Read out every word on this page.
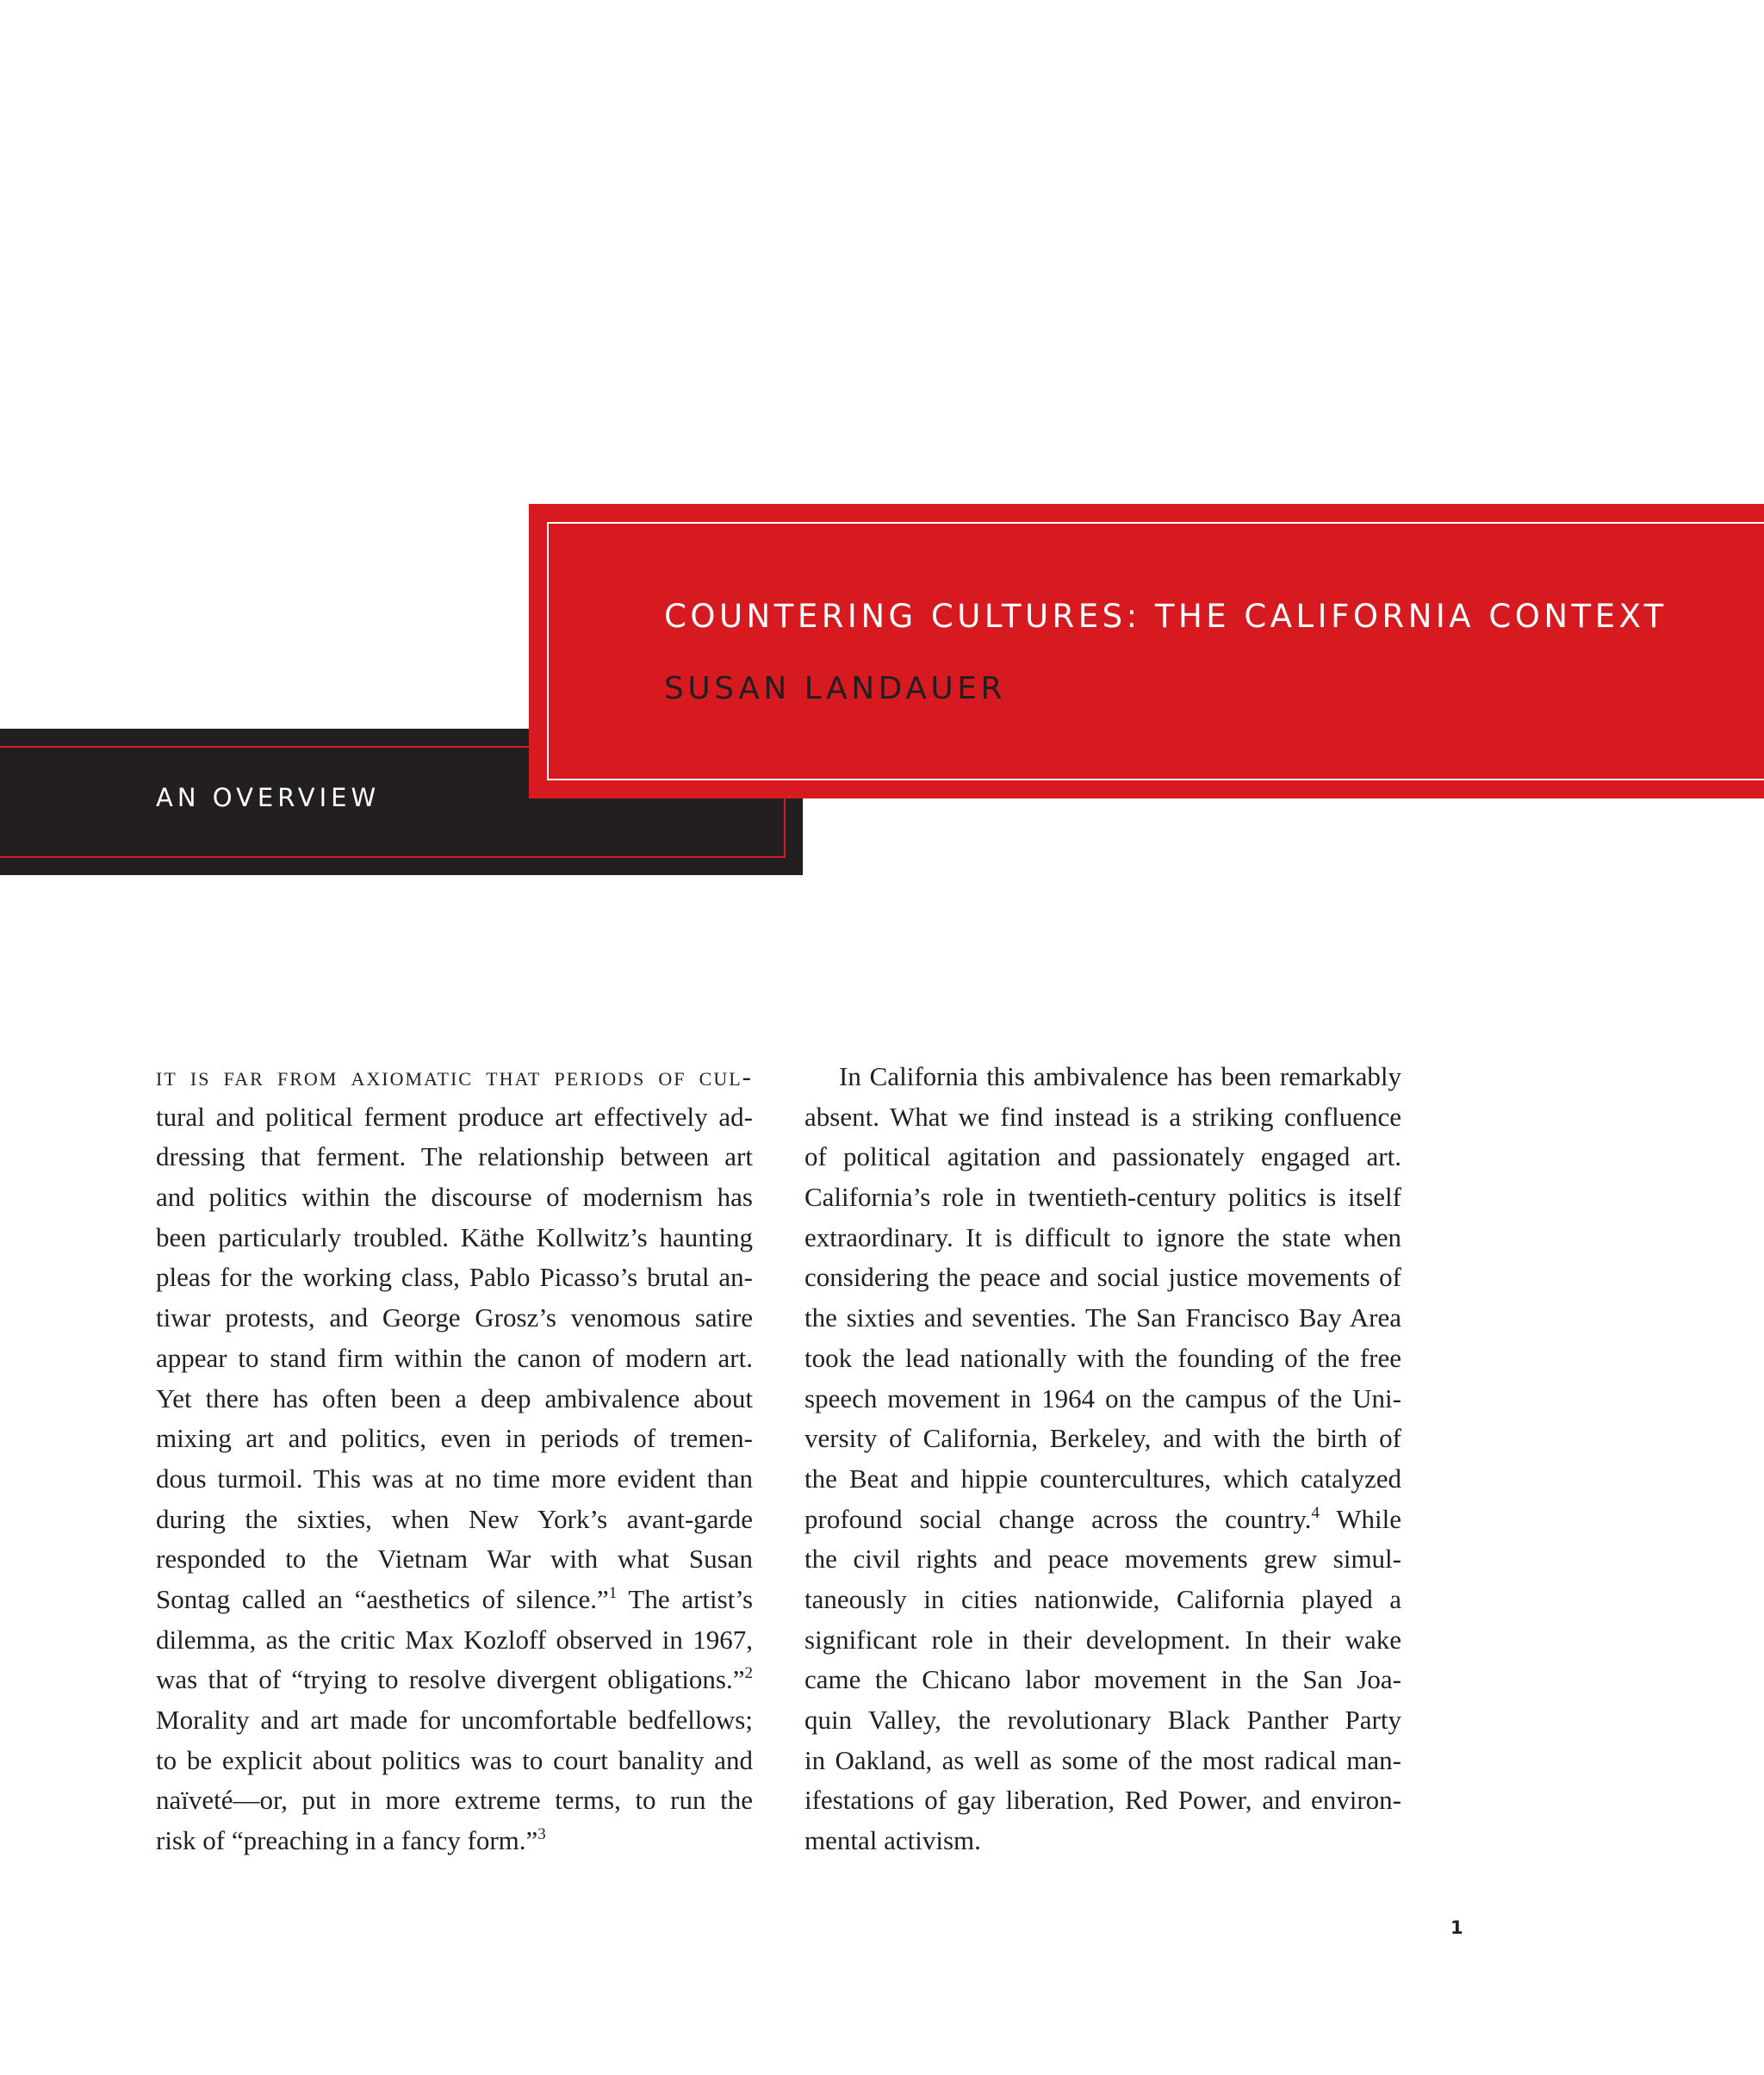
AN OVERVIEW
COUNTERING CULTURES: THE CALIFORNIA CONTEXT
SUSAN LANDAUER
it is far from axiomatic that periods of cul-
tural and political ferment produce art effectively ad-
dressing that ferment. The relationship between art
and politics within the discourse of modernism has
been particularly troubled. Käthe Kollwitz’s haunting
pleas for the working class, Pablo Picasso’s brutal an-
tiwar protests, and George Grosz’s venomous satire
appear to stand firm within the canon of modern art.
Yet there has often been a deep ambivalence about
mixing art and politics, even in periods of tremen-
dous turmoil. This was at no time more evident than
during the sixties, when New York’s avant-garde
responded to the Vietnam War with what Susan
Sontag called an “aesthetics of silence.”$^1$ The artist’s
dilemma, as the critic Max Kozloff observed in 1967,
was that of “trying to resolve divergent obligations.”$^2$
Morality and art made for uncomfortable bedfellows;
to be explicit about politics was to court banality and
naïveté—or, put in more extreme terms, to run the
risk of “preaching in a fancy form.”$^3$
In California this ambivalence has been remarkably
absent. What we find instead is a striking confluence
of political agitation and passionately engaged art.
California’s role in twentieth-century politics is itself
extraordinary. It is difficult to ignore the state when
considering the peace and social justice movements of
the sixties and seventies. The San Francisco Bay Area
took the lead nationally with the founding of the free
speech movement in 1964 on the campus of the Uni-
versity of California, Berkeley, and with the birth of
the Beat and hippie countercultures, which catalyzed
profound social change across the country.$^4$ While
the civil rights and peace movements grew simul-
taneously in cities nationwide, California played a
significant role in their development. In their wake
came the Chicano labor movement in the San Joa-
quin Valley, the revolutionary Black Panther Party
in Oakland, as well as some of the most radical man-
ifestations of gay liberation, Red Power, and environ-
mental activism.
1
